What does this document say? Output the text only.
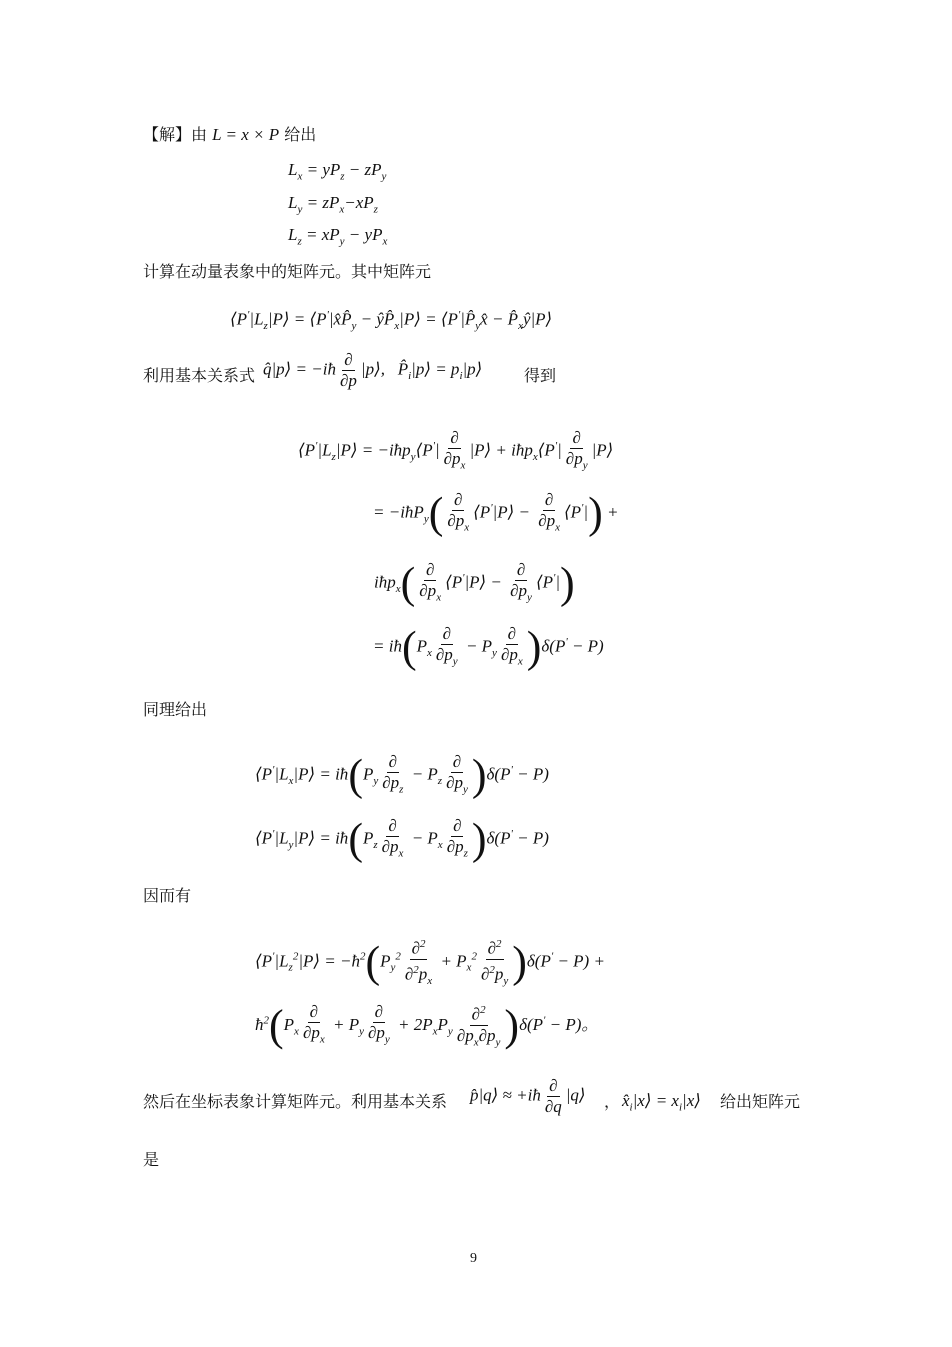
【解】由 L = x × P 给出
$L_x = yP_z - zP_y$
$L_y = zP_x-xP_z$
$L_z = xP_y - yP_x$
计算在动量表象中的矩阵元。其中矩阵元
$⟨P'|L_z|P⟩$ = $⟨P'|x̂P̂_y$ − $ŷP̂_x|P⟩$ = $⟨P'|P̂_yx̂$ − $P̂_xŷ|P⟩$
利用基本关系式 q̂|p⟩ = −iħ $\frac{\partial}{\partial p}$ |p⟩,   $P̂_i|p⟩$ = $p_i|p⟩$	得到
$⟨P'|L_z|P⟩$ = −iħp$_y$⟨P'| $\frac{\partial}{\partial p_x}$ |P⟩ + iħp$_x$⟨P'| $\frac{\partial}{\partial p_y}$ |P⟩
= −iħP$_y$( $\frac{\partial}{\partial p_x}$ ⟨P'|P⟩ − $\frac{\partial}{\partial p_x}$ ⟨P'|) +
iħp$_x$( $\frac{\partial}{\partial p_x}$ ⟨P'|P⟩ − $\frac{\partial}{\partial p_y}$ ⟨P'|)
= $iħ(P_x \frac{\partial}{\partial p_y} - P_y \frac{\partial}{\partial p_x} )\delta(P' - P)$
同理给出
$⟨P'|L_x|P⟩$ = $iħ(P_y \frac{\partial}{\partial p_z} - P_z \frac{\partial}{\partial p_y} )\delta(P' - P)$
$⟨P'|L_y|P⟩$ = $iħ(P_z \frac{\partial}{\partial p_x} - P_x \frac{\partial}{\partial p_z} )\delta(P' - P)$
因而有
$⟨P'|L_z^2|P⟩$ = $-ħ^2(P_y^2 \frac{\partial^2}{\partial^2p_x} + P_x^2 \frac{\partial^2}{\partial^2p_y} )\delta(P' - P)$ +
$ħ^2(P_x \frac{\partial}{\partial p_x} + P_y \frac{\partial}{\partial p_y} + 2P_xP_y \frac{\partial^2}{\partial p_x\partial p_y} )\delta(P' - P)$。
然后在坐标表象计算矩阵元。利用基本关系 p̂|q⟩ ≈ +iħ $\frac{\partial}{\partial q}$ |q⟩ ， $x̂_i|x⟩$ = $x_i|x⟩$ 给出矩阵元
是
9
